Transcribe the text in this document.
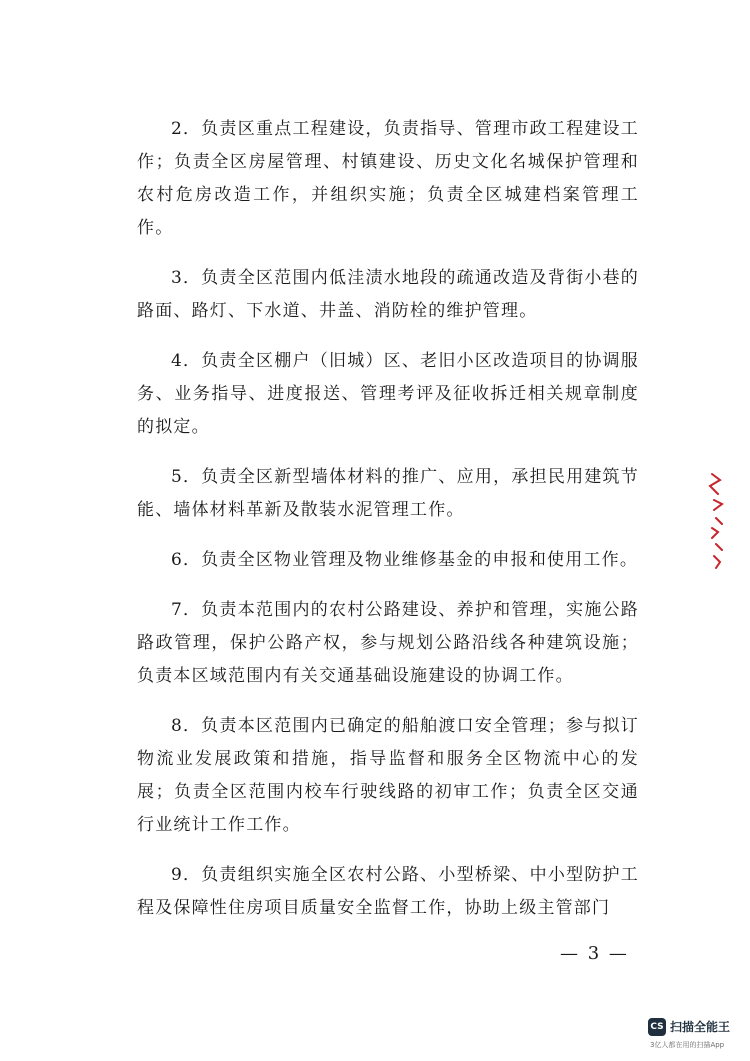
2．负责区重点工程建设，负责指导、管理市政工程建设工作；负责全区房屋管理、村镇建设、历史文化名城保护管理和农村危房改造工作，并组织实施；负责全区城建档案管理工作。

3．负责全区范围内低洼渍水地段的疏通改造及背街小巷的路面、路灯、下水道、井盖、消防栓的维护管理。

4．负责全区棚户（旧城）区、老旧小区改造项目的协调服务、业务指导、进度报送、管理考评及征收拆迁相关规章制度的拟定。

5．负责全区新型墙体材料的推广、应用，承担民用建筑节能、墙体材料革新及散装水泥管理工作。

6．负责全区物业管理及物业维修基金的申报和使用工作。

7．负责本范围内的农村公路建设、养护和管理，实施公路路政管理，保护公路产权，参与规划公路沿线各种建筑设施；负责本区域范围内有关交通基础设施建设的协调工作。

8．负责本区范围内已确定的船舶渡口安全管理；参与拟订物流业发展政策和措施，指导监督和服务全区物流中心的发展；负责全区范围内校车行驶线路的初审工作；负责全区交通行业统计工作工作。

9．负责组织实施全区农村公路、小型桥梁、中小型防护工程及保障性住房项目质量安全监督工作，协助上级主管部门

— 3 —
CS 扫描全能王
3亿人都在用的扫描App
